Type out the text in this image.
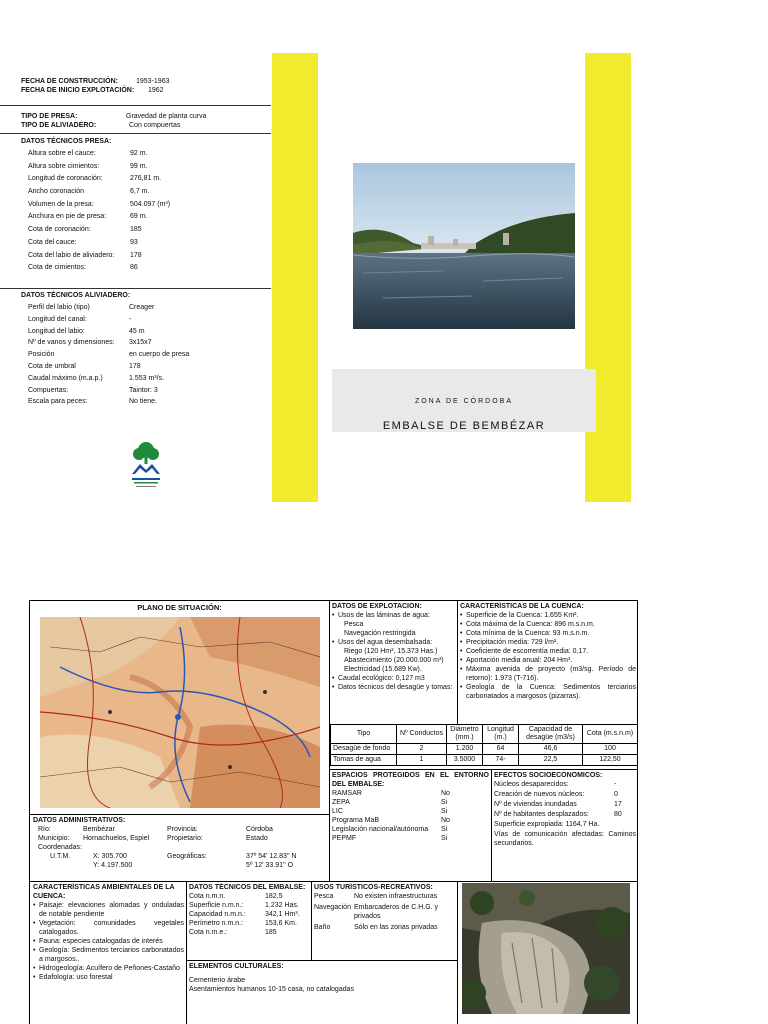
FECHA DE CONSTRUCCIÓN:	1953-1963
FECHA DE INICIO EXPLOTACIÓN: 1962
TIPO DE PRESA:	Gravedad de planta curva
TIPO DE ALIVIADERO:	Con compuertas
DATOS TÉCNICOS PRESA:
Altura sobre el cauce:	92 m.
Altura sobre cimientos:	99 m.
Longitud de coronación:	276,81 m.
Ancho coronación	6,7 m.
Volumen de la presa:	504.097 (m³)
Anchura en pie de presa:	69 m.
Cota de coronación:	185
Cota del cauce:	93
Cota del labio de aliviadero: 178
Cota de cimientos:	86
DATOS TÉCNICOS ALIVIADERO:
Perfil del labio (tipo)	Creager
Longitud del canal:	-
Longitud del labio:	45 m
Nº de vanos y dimensiones: 3x15x7
Posición	en cuerpo de presa
Cota de umbral	178
Caudal máximo (m.a.p.)	1.553 m³/s.
Compuertas:	Taintor: 3
Escala para peces:	No tiene.	ZONA DE CÓRDOBA
EMBALSE DE BEMBÉZAR
PLANO DE SITUACIÓN:	DATOS DE EXPLOTACIÓN:
• Usos de las láminas de agua:
Pesca
Navegación restringida
• Usos del agua desembalsada:
Riego (120 Hm³, 15.373 Has.)
Abastecimiento (20.000.000 m³)
Electricidad (15.689 Kw).
• Caudal ecológico: 0,127 m3
• Datos técnicos del desagüe y tomas:
CARACTERÍSTICAS DE LA CUENCA:
• Superficie de la Cuenca: 1.655 Km².
• Cota máxima de la Cuenca: 896 m.s.n.m.
• Cota mínima de la Cuenca: 93 m.s.n.m.
• Precipitación media: 729 l/m².
• Coeficiente de escorrentía media: 0,17.
• Aportación media anual: 204 Hm³.
• Máxima avenida de proyecto (m3/sg. Período de retorno): 1.973 (T-716).
• Geología de la Cuenca: Sedimentos terciarios carbonatados a margosos (pizarras).
Tipo	Nº Conductos	Diámetro (mm.)	Longitud (m.)	Capacidad de desagüe (m3/s)	Cota (m.s.n.m)
Desagüe de fondo	2	1.200	64	46,6	100
Tomas de agua	1	3.5000	74-	22,5	122,50
ESPACIOS PROTEGIDOS EN EL ENTORNO DEL EMBALSE:
RAMSAR	No
ZEPA	Si
LIC	Si
Programa MaB	No
Legislación nacional/autónoma Si
PEPMF	Si
EFECTOS SOCIOECONÓMICOS:
Núcleos desaparecidos:	-
Creación de nuevos núcleos:	0
Nº de viviendas inundadas	17
Nº de habitantes desplazados:	80
Superficie expropiada: 1164,7 Ha.
Vías de comunicación afectadas: Caminos secundarios.
DATOS ADMINISTRATIVOS:
Río:	Bembézar	Provincia:	Córdoba
Municipio: Hornachuelos, Espiel	Propietario:	Estado
Coordenadas:
U.T.M.	X: 305.700	Geográficas:	37º 54' 12.83'' N
Y: 4.197.500	5º 12' 33.91'' O
CARACTERÍSTICAS AMBIENTALES DE LA CUENCA:
• Paisaje: elevaciones alomadas y onduladas de notable pendiente
• Vegetación: comunidades vegetales catalogados.
• Fauna: especies catalogadas de interés
• Geología: Sedimentos terciarios carbonatados a margosos..
• Hidrogeología: Acuífero de Peñones-Castaño
• Edafología: uso forestal
DATOS TÉCNICOS DEL EMBALSE:
Cota n.m.n.	182,5
Superficie n.m.n.:	1.232 Has.
Capacidad n.m.n.:	342,1 Hm³.
Perímetro n.m.n.:	153,6 Km.
Cota n.m.e.:	185
USOS TURÍSTICOS-RECREATIVOS:
Pesca	No existen infraestructuras
Navegación Embarcaderos de C.H.G. y privados
Baño	Sólo en las zonas privadas
ELEMENTOS CULTURALES:
Cementerio árabe
Asentamientos humanos 10-15 casa, no catalogadas
